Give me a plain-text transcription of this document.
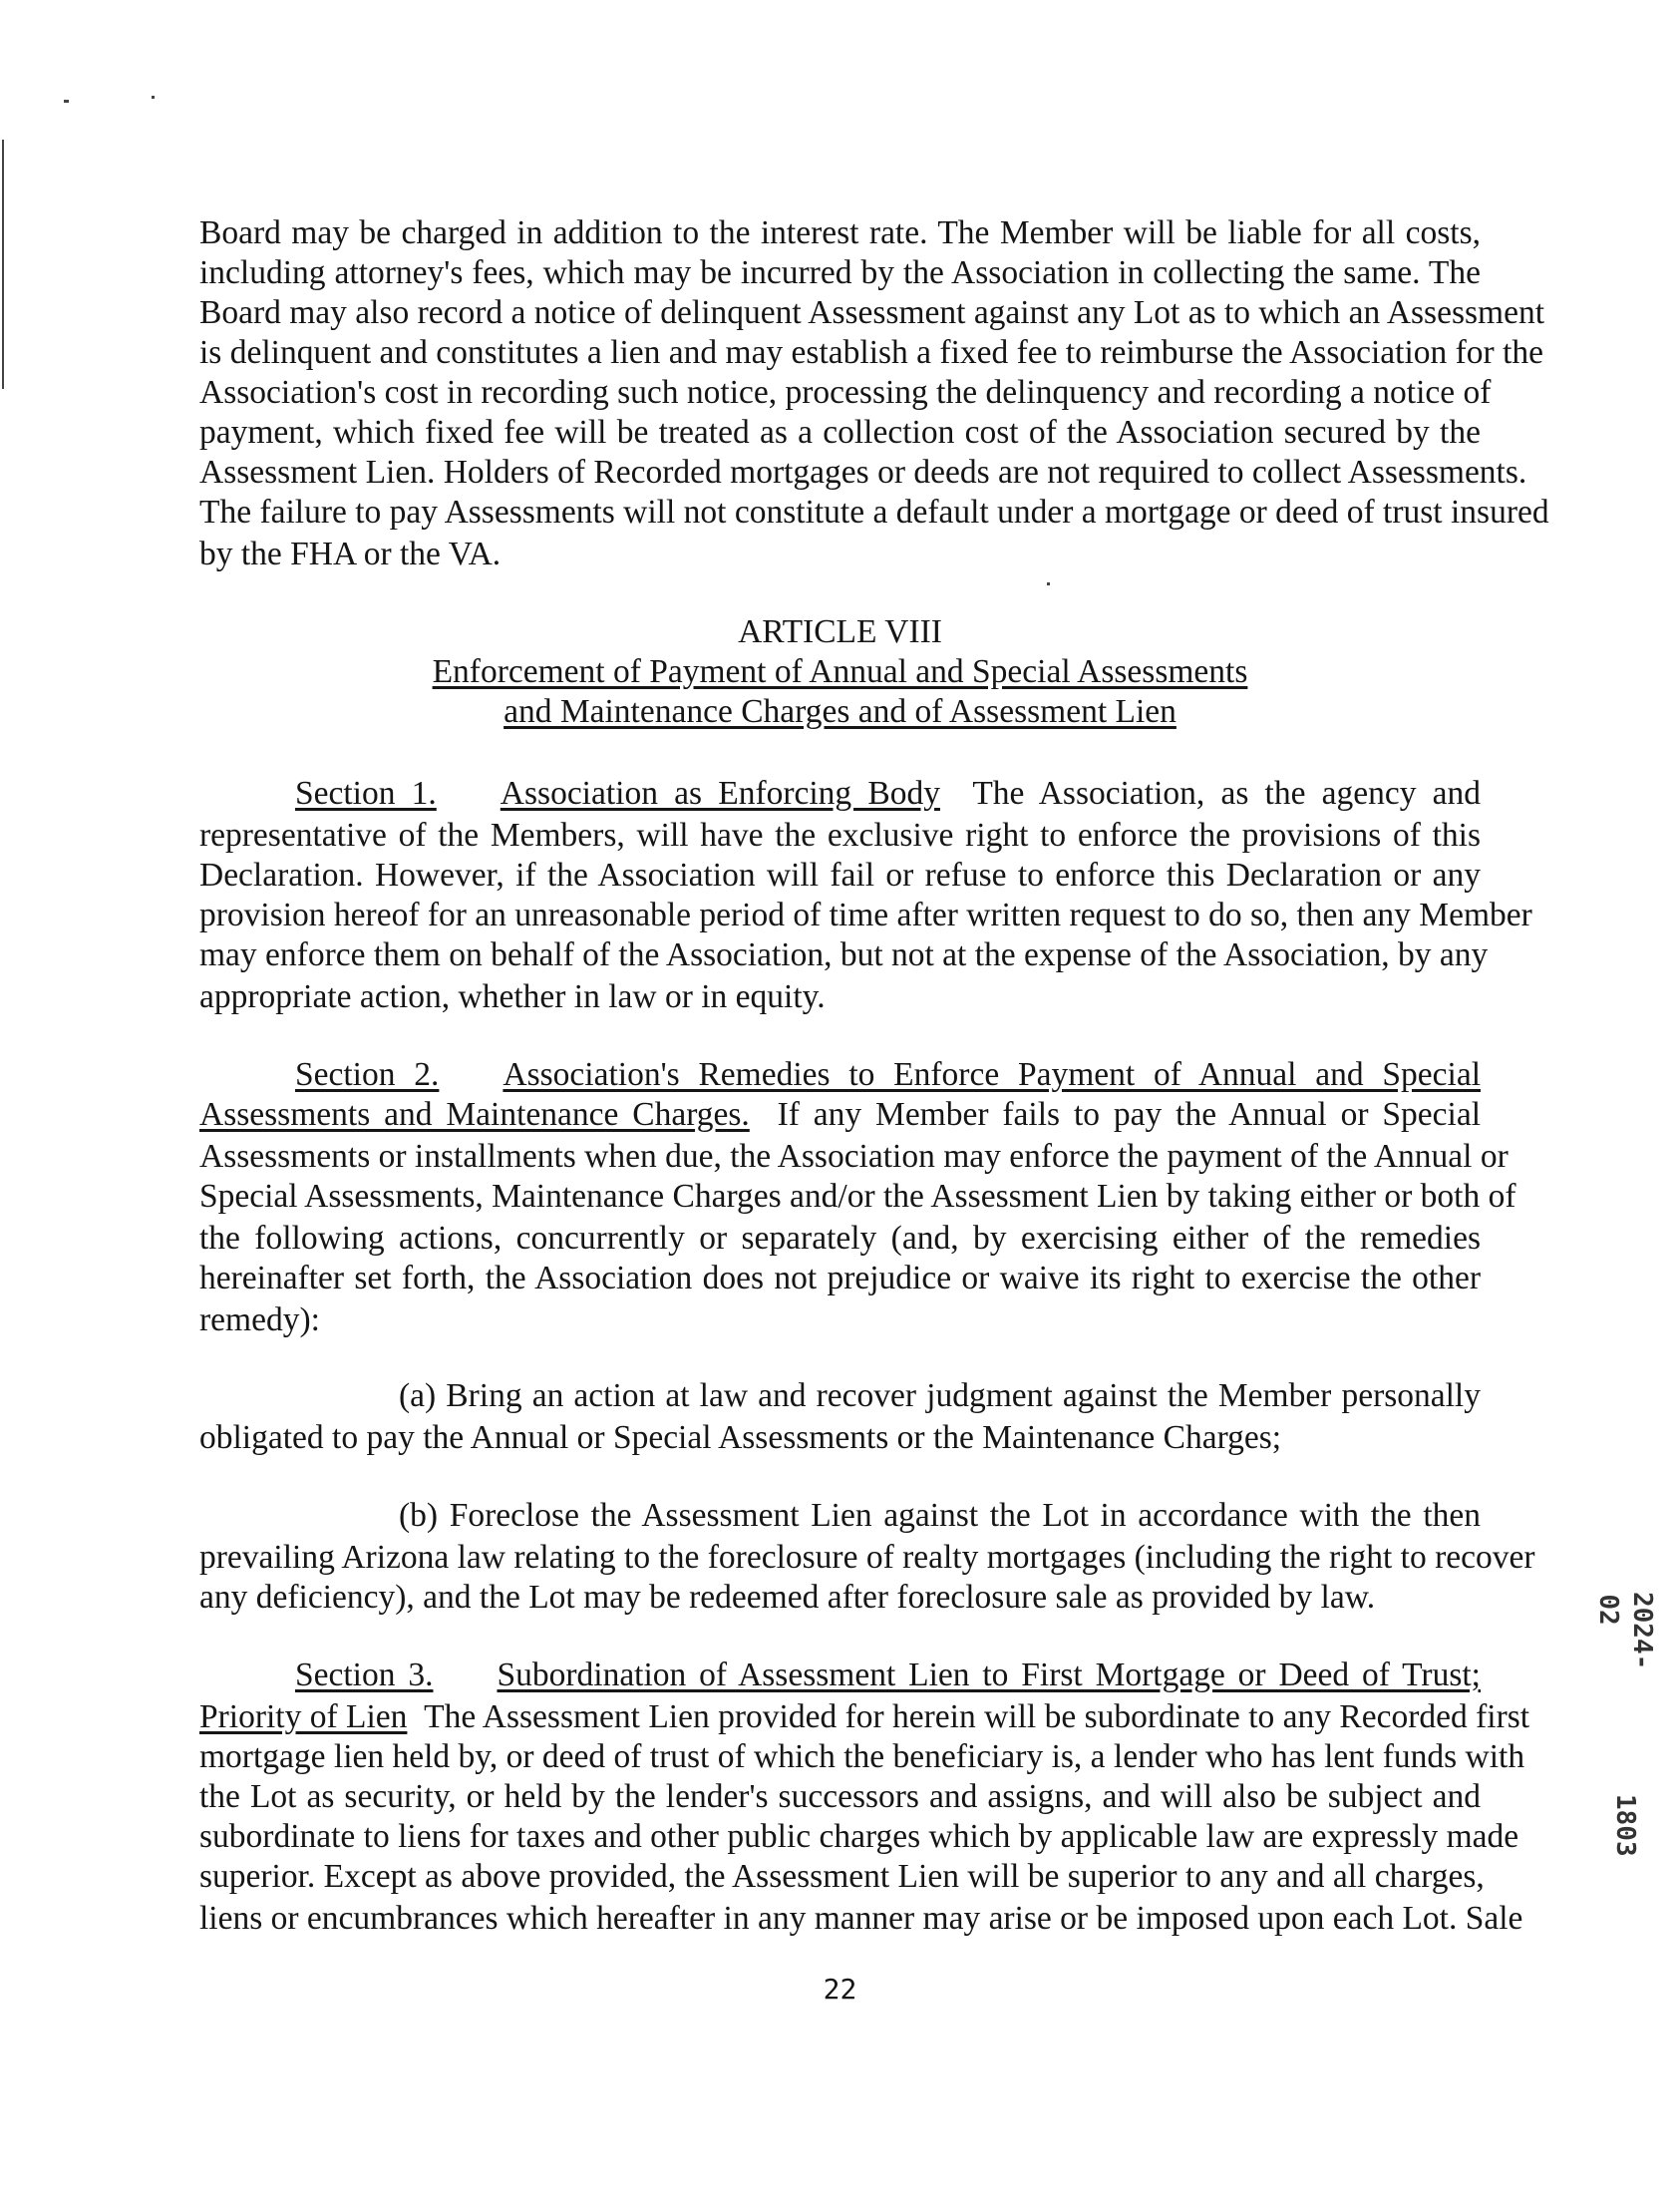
Board may be charged in addition to the interest rate. The Member will be liable for all costs,
including attorney's fees, which may be incurred by the Association in collecting the same. The
Board may also record a notice of delinquent Assessment against any Lot as to which an Assessment
is delinquent and constitutes a lien and may establish a fixed fee to reimburse the Association for the
Association's cost in recording such notice, processing the delinquency and recording a notice of
payment, which fixed fee will be treated as a collection cost of the Association secured by the
Assessment Lien. Holders of Recorded mortgages or deeds are not required to collect Assessments.
The failure to pay Assessments will not constitute a default under a mortgage or deed of trust insured
by the FHA or the VA.
ARTICLE VIII
Enforcement of Payment of Annual and Special Assessments
and Maintenance Charges and of Assessment Lien
Section 1. Association as Enforcing Body The Association, as the agency and
representative of the Members, will have the exclusive right to enforce the provisions of this
Declaration. However, if the Association will fail or refuse to enforce this Declaration or any
provision hereof for an unreasonable period of time after written request to do so, then any Member
may enforce them on behalf of the Association, but not at the expense of the Association, by any
appropriate action, whether in law or in equity.
Section 2. Association's Remedies to Enforce Payment of Annual and Special
Assessments and Maintenance Charges. If any Member fails to pay the Annual or Special
Assessments or installments when due, the Association may enforce the payment of the Annual or
Special Assessments, Maintenance Charges and/or the Assessment Lien by taking either or both of
the following actions, concurrently or separately (and, by exercising either of the remedies
hereinafter set forth, the Association does not prejudice or waive its right to exercise the other
remedy):
(a) Bring an action at law and recover judgment against the Member personally
obligated to pay the Annual or Special Assessments or the Maintenance Charges;
(b) Foreclose the Assessment Lien against the Lot in accordance with the then
prevailing Arizona law relating to the foreclosure of realty mortgages (including the right to recover
any deficiency), and the Lot may be redeemed after foreclosure sale as provided by law.
Section 3. Subordination of Assessment Lien to First Mortgage or Deed of Trust;
Priority of Lien The Assessment Lien provided for herein will be subordinate to any Recorded first
mortgage lien held by, or deed of trust of which the beneficiary is, a lender who has lent funds with
the Lot as security, or held by the lender's successors and assigns, and will also be subject and
subordinate to liens for taxes and other public charges which by applicable law are expressly made
superior. Except as above provided, the Assessment Lien will be superior to any and all charges,
liens or encumbrances which hereafter in any manner may arise or be imposed upon each Lot. Sale
22
2024-02
1803
